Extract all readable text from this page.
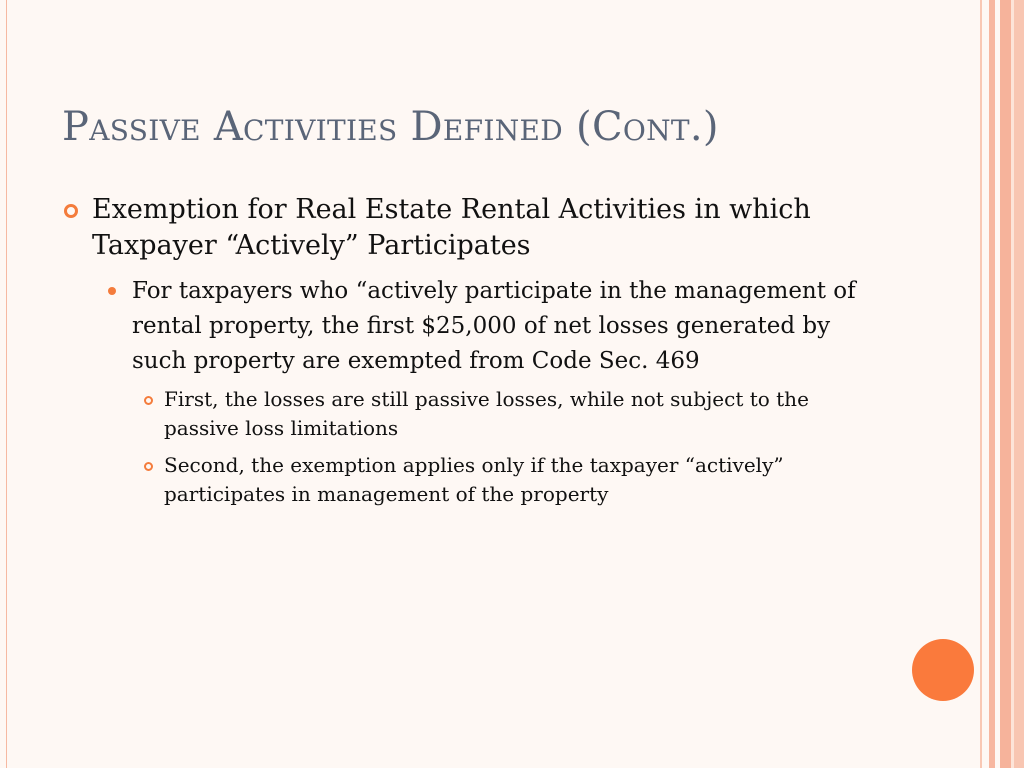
Passive Activities Defined (Cont.)
Exemption for Real Estate Rental Activities in which Taxpayer “Actively” Participates
For taxpayers who “actively participate in the management of rental property, the first $25,000 of net losses generated by such property are exempted from Code Sec. 469
First, the losses are still passive losses, while not subject to the passive loss limitations
Second, the exemption applies only if the taxpayer “actively” participates in management of the property
